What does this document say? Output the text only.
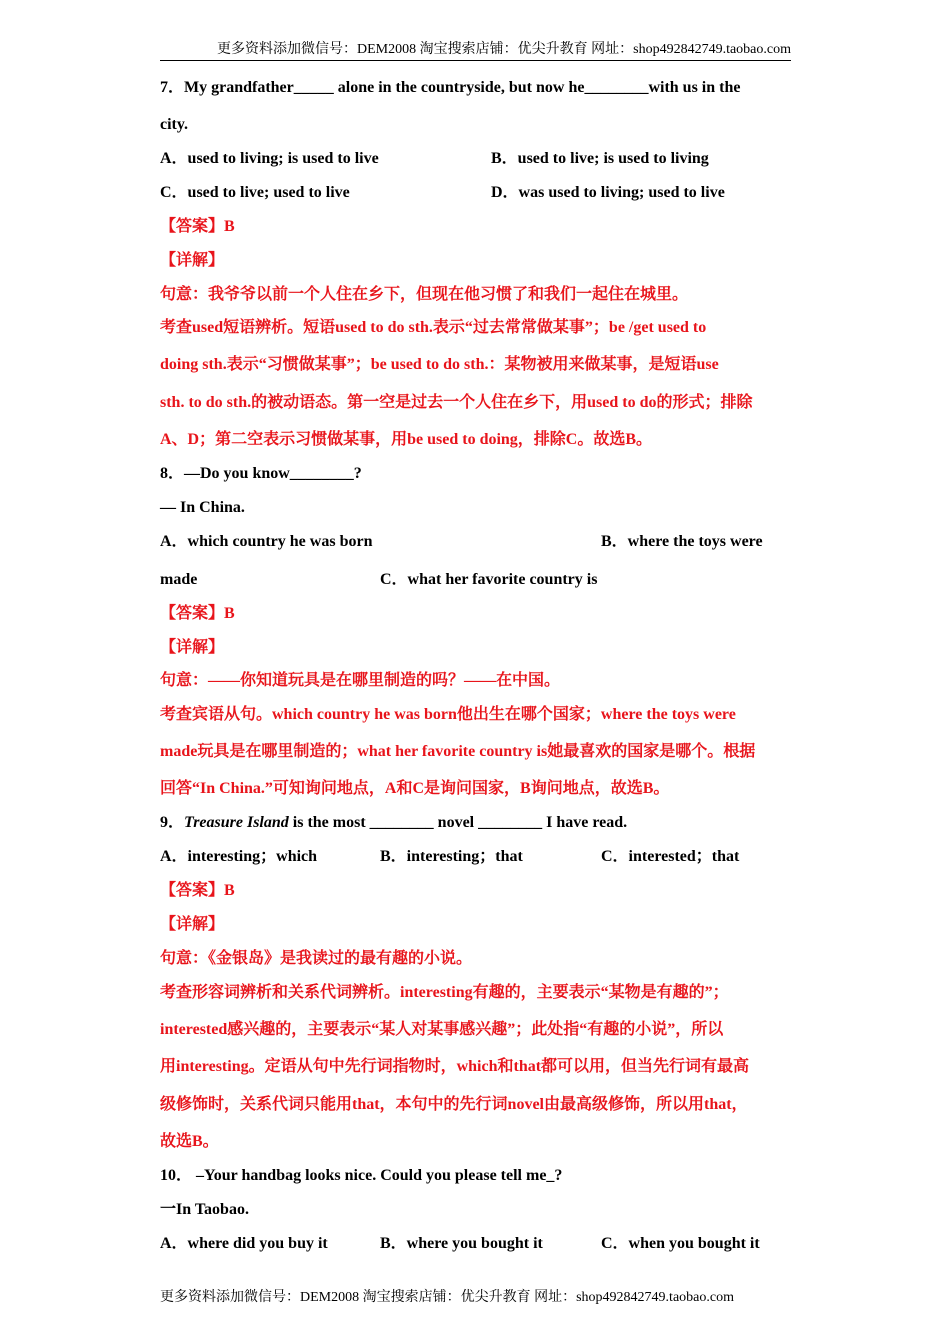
更多资料添加微信号：DEM2008 淘宝搜索店铺：优尖升教育 网址：shop492842749.taobao.com
7．My grandfather_____ alone in the countryside, but now he________with us in the
city.
A．used to living; is used to live	B．used to live; is used to living
C．used to live; used to live	D．was used to living; used to live
【答案】B
【详解】
句意：我爷爷以前一个人住在乡下，但现在他习惯了和我们一起住在城里。
考查used短语辨析。短语used to do sth.表示“过去常常做某事”；be /get used to
doing sth.表示“习惯做某事”；be used to do sth.：某物被用来做某事，是短语use
sth. to do sth.的被动语态。第一空是过去一个人住在乡下，用used to do的形式；排除
A、D；第二空表示习惯做某事，用be used to doing，排除C。故选B。
8．—Do you know________?
— In China.
A．which country he was born	B．where the toys were
made	C．what her favorite country is
【答案】B
【详解】
句意：——你知道玩具是在哪里制造的吗？——在中国。
考查宾语从句。which country he was born他出生在哪个国家；where the toys were
made玩具是在哪里制造的；what her favorite country is她最喜欢的国家是哪个。根据
回答“In China.”可知询问地点，A和C是询问国家，B询问地点，故选B。
9．Treasure Island is the most ________ novel ________ I have read.
A．interesting；which	B．interesting；that	C．interested；that
【答案】B
【详解】
句意：《金银岛》是我读过的最有趣的小说。
考查形容词辨析和关系代词辨析。interesting有趣的，主要表示“某物是有趣的”；
interested感兴趣的，主要表示“某人对某事感兴趣”；此处指“有趣的小说”，所以
用interesting。定语从句中先行词指物时，which和that都可以用，但当先行词有最高
级修饰时，关系代词只能用that，本句中的先行词novel由最高级修饰，所以用that，
故选B。
10． –Your handbag looks nice. Could you please tell me_?
一In Taobao.
A．where did you buy it	B．where you bought it	C．when you bought it
更多资料添加微信号：DEM2008 淘宝搜索店铺：优尖升教育 网址：shop492842749.taobao.com
